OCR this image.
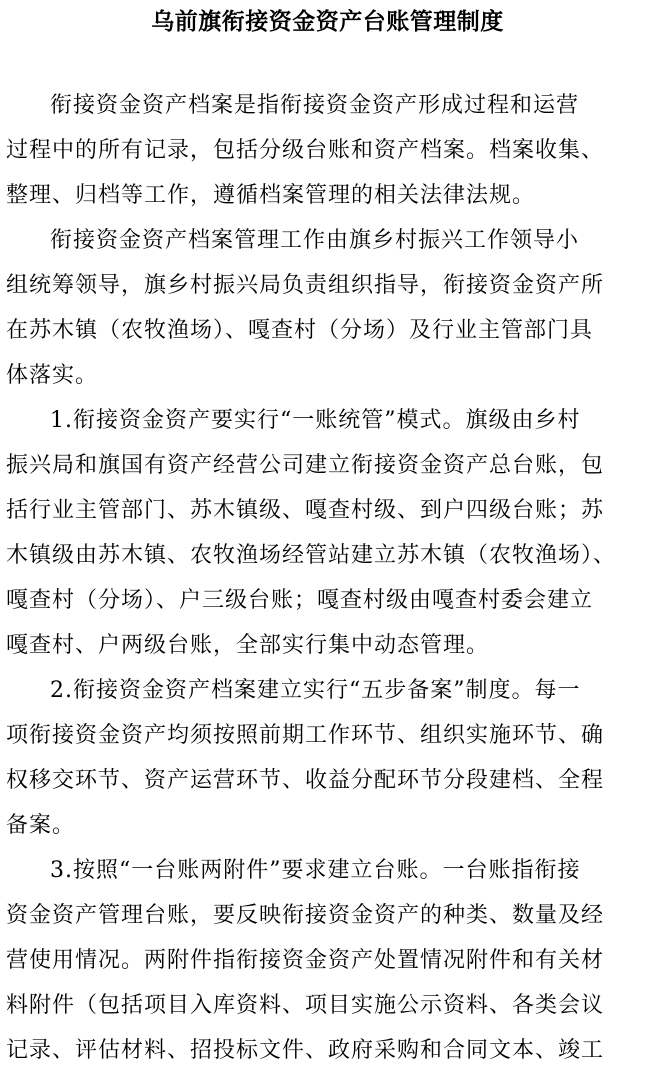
乌前旗衔接资金资产台账管理制度
衔接资金资产档案是指衔接资金资产形成过程和运营
过程中的所有记录，包括分级台账和资产档案。档案收集、
整理、归档等工作，遵循档案管理的相关法律法规。
衔接资金资产档案管理工作由旗乡村振兴工作领导小
组统筹领导，旗乡村振兴局负责组织指导，衔接资金资产所
在苏木镇（农牧渔场）、嘎查村（分场）及行业主管部门具
体落实。
1.衔接资金资产要实行“一账统管”模式。旗级由乡村
振兴局和旗国有资产经营公司建立衔接资金资产总台账，包
括行业主管部门、苏木镇级、嘎查村级、到户四级台账；苏
木镇级由苏木镇、农牧渔场经管站建立苏木镇（农牧渔场）、
嘎查村（分场）、户三级台账；嘎查村级由嘎查村委会建立
嘎查村、户两级台账，全部实行集中动态管理。
2.衔接资金资产档案建立实行“五步备案”制度。每一
项衔接资金资产均须按照前期工作环节、组织实施环节、确
权移交环节、资产运营环节、收益分配环节分段建档、全程
备案。
3.按照“一台账两附件”要求建立台账。一台账指衔接
资金资产管理台账，要反映衔接资金资产的种类、数量及经
营使用情况。两附件指衔接资金资产处置情况附件和有关材
料附件（包括项目入库资料、项目实施公示资料、各类会议
记录、评估材料、招投标文件、政府采购和合同文本、竣工
